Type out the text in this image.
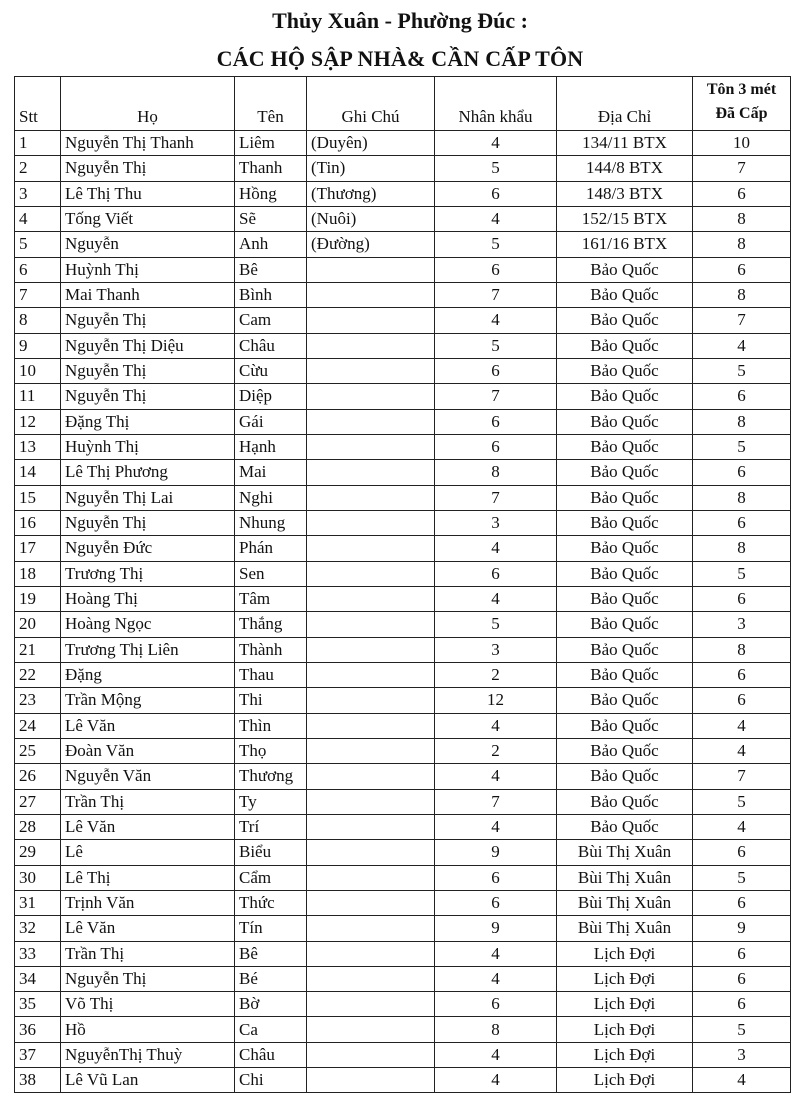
Thủy Xuân - Phường Đúc :
CÁC HỘ SẬP NHÀ& CẦN CẤP TÔN
Stt	Họ	Tên	Ghi Chú	Nhân khẩu	Địa Chỉ	Tôn 3 mét
Đã Cấp

1	Nguyễn Thị Thanh	Liêm	(Duyên)	4	134/11 BTX	10
2	Nguyễn Thị	Thanh	(Tin)	5	144/8 BTX	7
3	Lê Thị Thu	Hồng	(Thương)	6	148/3 BTX	6
4	Tống Viết	Sẽ	(Nuôi)	4	152/15 BTX	8
5	Nguyễn	Anh	(Đường)	5	161/16 BTX	8
6	Huỳnh Thị	Bê		6	Bảo Quốc	6
7	Mai Thanh	Bình		7	Bảo Quốc	8
8	Nguyễn Thị	Cam		4	Bảo Quốc	7
9	Nguyễn Thị Diệu	Châu		5	Bảo Quốc	4
10	Nguyễn Thị	Cừu		6	Bảo Quốc	5
11	Nguyễn Thị	Diệp		7	Bảo Quốc	6
12	Đặng Thị	Gái		6	Bảo Quốc	8
13	Huỳnh Thị	Hạnh		6	Bảo Quốc	5
14	Lê Thị Phương	Mai		8	Bảo Quốc	6
15	Nguyễn Thị Lai	Nghi		7	Bảo Quốc	8
16	Nguyễn Thị	Nhung		3	Bảo Quốc	6
17	Nguyễn Đức	Phán		4	Bảo Quốc	8
18	Trương Thị	Sen		6	Bảo Quốc	5
19	Hoàng Thị	Tâm		4	Bảo Quốc	6
20	Hoàng Ngọc	Thắng		5	Bảo Quốc	3
21	Trương Thị Liên	Thành		3	Bảo Quốc	8
22	Đặng	Thau		2	Bảo Quốc	6
23	Trần Mộng	Thi		12	Bảo Quốc	6
24	Lê Văn	Thìn		4	Bảo Quốc	4
25	Đoàn Văn	Thọ		2	Bảo Quốc	4
26	Nguyễn Văn	Thương		4	Bảo Quốc	7
27	Trần Thị	Ty		7	Bảo Quốc	5
28	Lê Văn	Trí		4	Bảo Quốc	4
29	Lê	Biểu		9	Bùi Thị Xuân	6
30	Lê Thị	Cẩm		6	Bùi Thị Xuân	5
31	Trịnh Văn	Thức		6	Bùi Thị Xuân	6
32	Lê Văn	Tín		9	Bùi Thị Xuân	9
33	Trần Thị	Bê		4	Lịch Đợi	6
34	Nguyễn Thị	Bé		4	Lịch Đợi	6
35	Võ Thị	Bờ		6	Lịch Đợi	6
36	Hồ	Ca		8	Lịch Đợi	5
37	NguyễnThị Thuỳ	Châu		4	Lịch Đợi	3
38	Lê Vũ Lan	Chi		4	Lịch Đợi	4
